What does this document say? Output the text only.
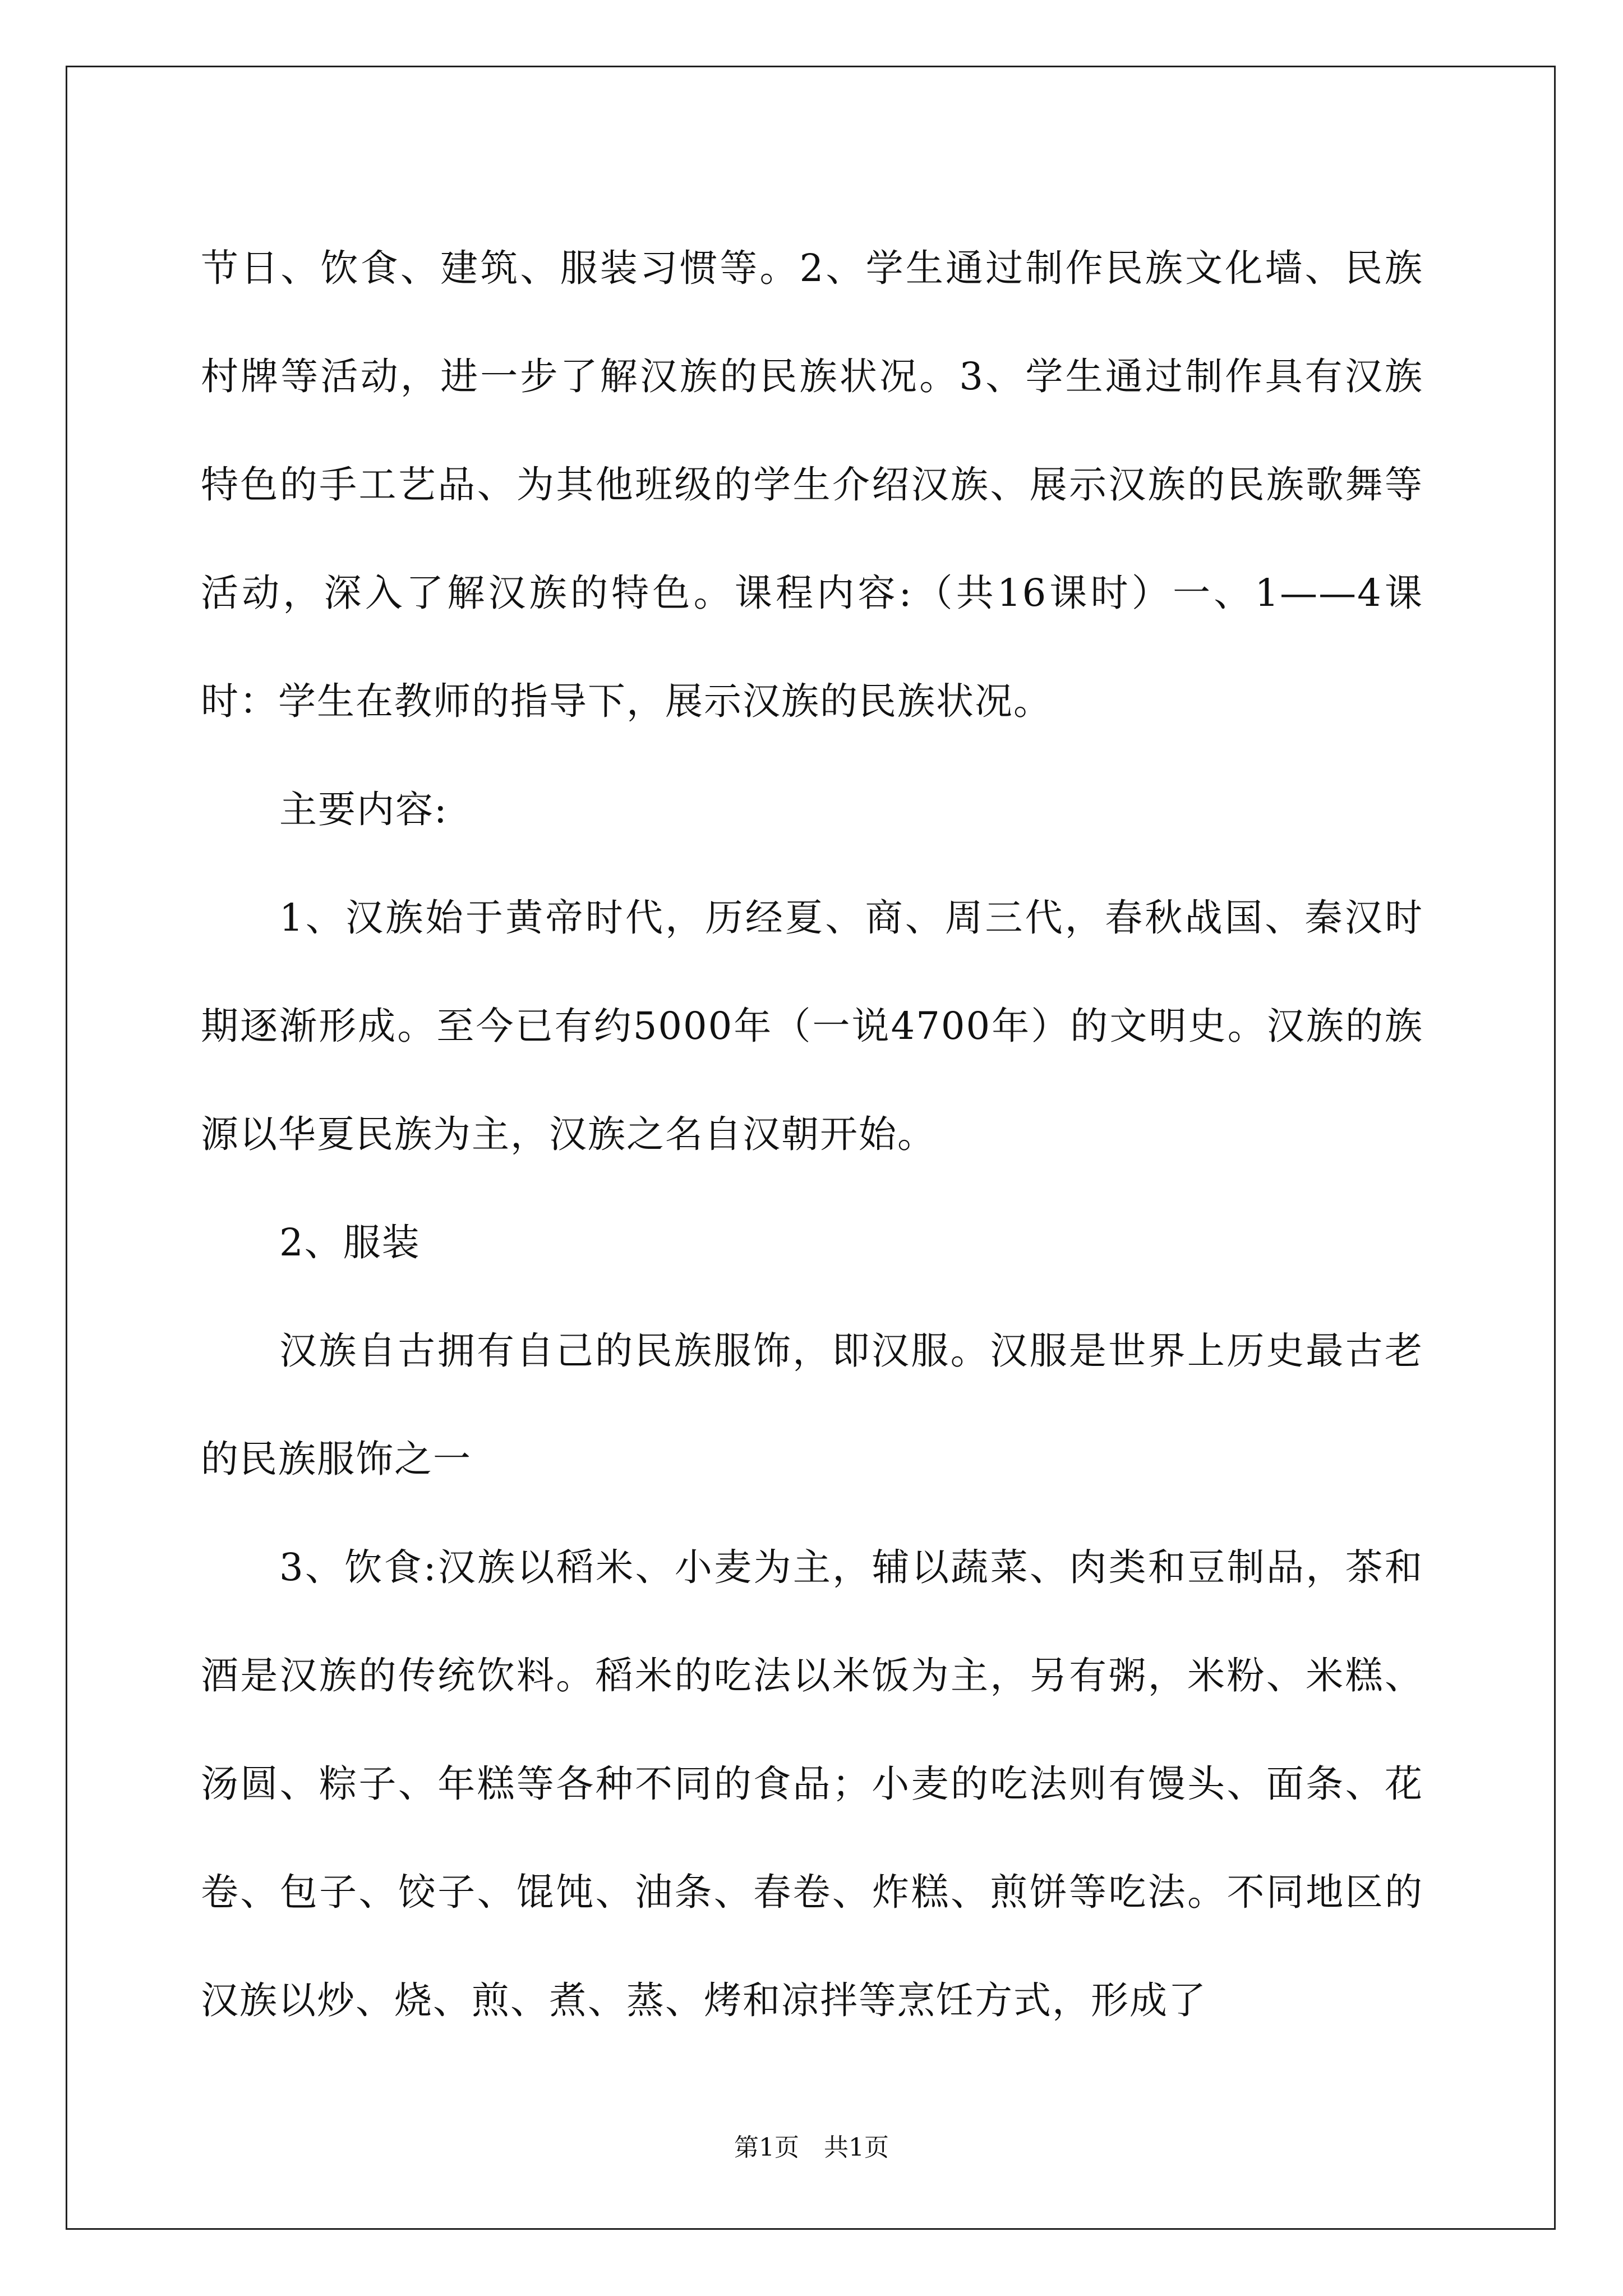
节日、饮食、建筑、服装习惯等。2、学生通过制作民族文化墙、民族村牌等活动，进一步了解汉族的民族状况。3、学生通过制作具有汉族特色的手工艺品、为其他班级的学生介绍汉族、展示汉族的民族歌舞等活动，深入了解汉族的特色。课程内容:（共16课时）一、1——4课时：学生在教师的指导下，展示汉族的民族状况。

主要内容:

1、汉族始于黄帝时代，历经夏、商、周三代，春秋战国、秦汉时期逐渐形成。至今已有约5000年（一说4700年）的文明史。汉族的族源以华夏民族为主，汉族之名自汉朝开始。

2、服装

汉族自古拥有自己的民族服饰，即汉服。汉服是世界上历史最古老的民族服饰之一

3、饮食:汉族以稻米、小麦为主，辅以蔬菜、肉类和豆制品，茶和酒是汉族的传统饮料。稻米的吃法以米饭为主，另有粥，米粉、米糕、汤圆、粽子、年糕等各种不同的食品；小麦的吃法则有馒头、面条、花卷、包子、饺子、馄饨、油条、春卷、炸糕、煎饼等吃法。不同地区的汉族以炒、烧、煎、煮、蒸、烤和凉拌等烹饪方式，形成了

第1页　共1页
